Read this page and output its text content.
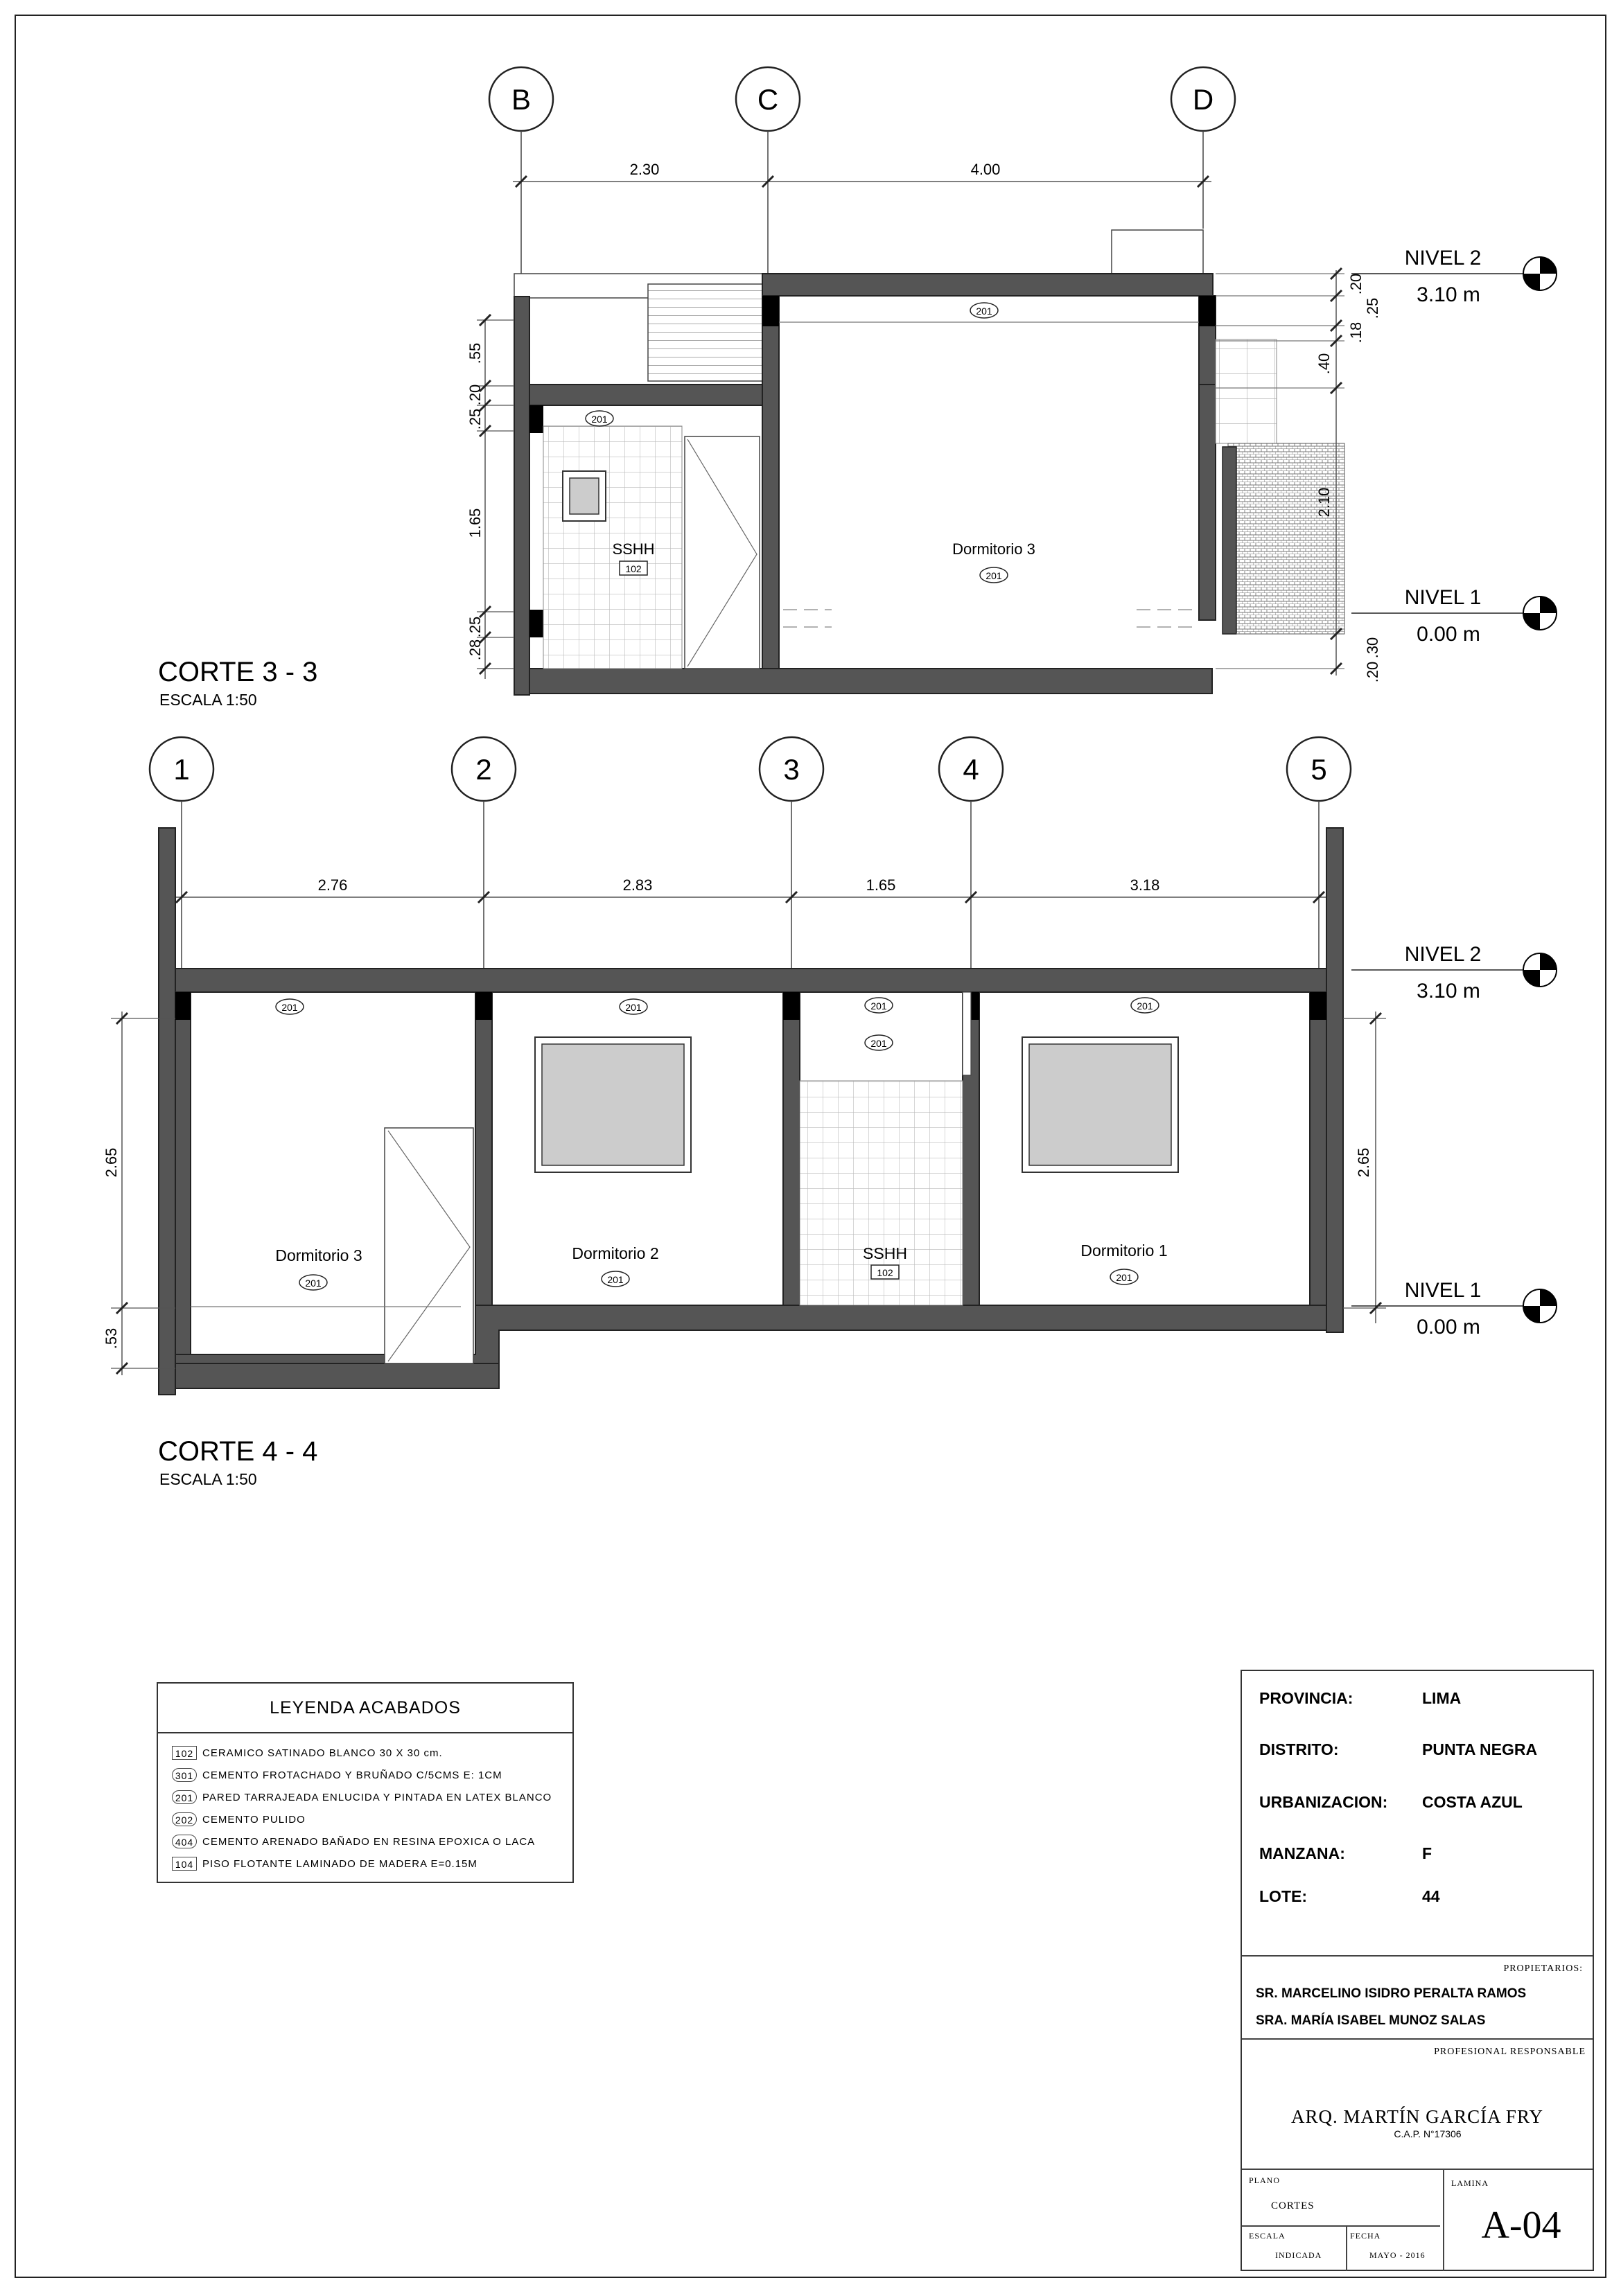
B	C	D
2.30	4.00
201
201
SSHH
102
Dormitorio 3
201
.55
.25
.20
1.65
.28
.25
.20
.25
.18
.40
2.10
.30
.20
NIVEL 2
3.10 m
NIVEL 1
0.00 m
CORTE 3 - 3
ESCALA 1:50
1	2	3	4	5
2.76	2.83	1.65	3.18
201	201	201
201
201
Dormitorio 3
201
Dormitorio 2
201
SSHH
102
Dormitorio 1
201
2.65
.53
2.65
NIVEL 2
3.10 m
NIVEL 1
0.00 m
CORTE 4 - 4
ESCALA 1:50
LEYENDA ACABADOS
102 CERAMICO SATINADO BLANCO 30 X 30 cm.
301 CEMENTO FROTACHADO Y BRUÑADO C/5CMS E: 1CM
201 PARED TARRAJEADA ENLUCIDA Y PINTADA EN LATEX BLANCO
202 CEMENTO PULIDO
404 CEMENTO ARENADO BAÑADO EN RESINA EPOXICA O LACA
104 PISO FLOTANTE LAMINADO DE MADERA E=0.15M
PROVINCIA:	LIMA
DISTRITO:	PUNTA NEGRA
URBANIZACION: COSTA AZUL
MANZANA:	F
LOTE:	44
PROPIETARIOS:
SR. MARCELINO ISIDRO PERALTA RAMOS
SRA. MARÍA ISABEL MUNOZ SALAS
PROFESIONAL RESPONSABLE
ARQ. MARTÍN GARCÍA FRY
C.A.P. N°17306
PLANO
CORTES
ESCALA
INDICADA
FECHA
MAYO - 2016
LAMINA
A-04
